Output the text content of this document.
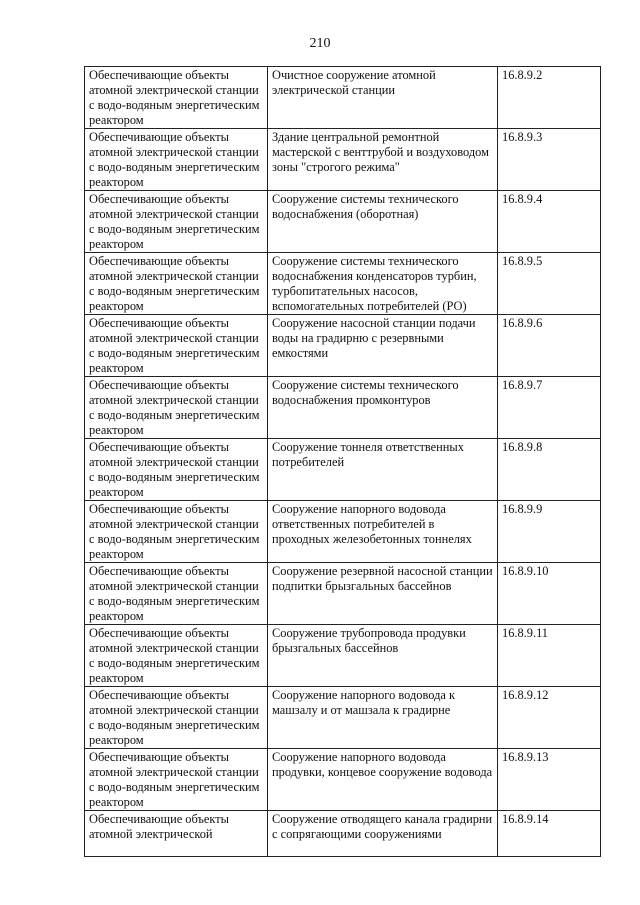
210
Обеспечивающие объекты атомной электрической станции с водо-водяным энергетическим реактором	Очистное сооружение атомной электрической станции	16.8.9.2
Обеспечивающие объекты атомной электрической станции с водо-водяным энергетическим реактором	Здание центральной ремонтной мастерской с венттрубой и воздуховодом зоны "строгого режима"	16.8.9.3
Обеспечивающие объекты атомной электрической станции с водо-водяным энергетическим реактором	Сооружение системы технического водоснабжения (оборотная)	16.8.9.4
Обеспечивающие объекты атомной электрической станции с водо-водяным энергетическим реактором	Сооружение системы технического водоснабжения конденсаторов турбин, турбопитательных насосов, вспомогательных потребителей (РО)	16.8.9.5
Обеспечивающие объекты атомной электрической станции с водо-водяным энергетическим реактором	Сооружение насосной станции подачи воды на градирню с резервными емкостями	16.8.9.6
Обеспечивающие объекты атомной электрической станции с водо-водяным энергетическим реактором	Сооружение системы технического водоснабжения промконтуров	16.8.9.7
Обеспечивающие объекты атомной электрической станции с водо-водяным энергетическим реактором	Сооружение тоннеля ответственных потребителей	16.8.9.8
Обеспечивающие объекты атомной электрической станции с водо-водяным энергетическим реактором	Сооружение напорного водовода ответственных потребителей в проходных железобетонных тоннелях	16.8.9.9
Обеспечивающие объекты атомной электрической станции с водо-водяным энергетическим реактором	Сооружение резервной насосной станции подпитки брызгальных бассейнов	16.8.9.10
Обеспечивающие объекты атомной электрической станции с водо-водяным энергетическим реактором	Сооружение трубопровода продувки брызгальных бассейнов	16.8.9.11
Обеспечивающие объекты атомной электрической станции с водо-водяным энергетическим реактором	Сооружение напорного водовода к машзалу и от машзала к градирне	16.8.9.12
Обеспечивающие объекты атомной электрической станции с водо-водяным энергетическим реактором	Сооружение напорного водовода продувки, концевое сооружение водовода	16.8.9.13
Обеспечивающие объекты атомной электрической	Сооружение отводящего канала градирни с сопрягающими сооружениями	16.8.9.14
